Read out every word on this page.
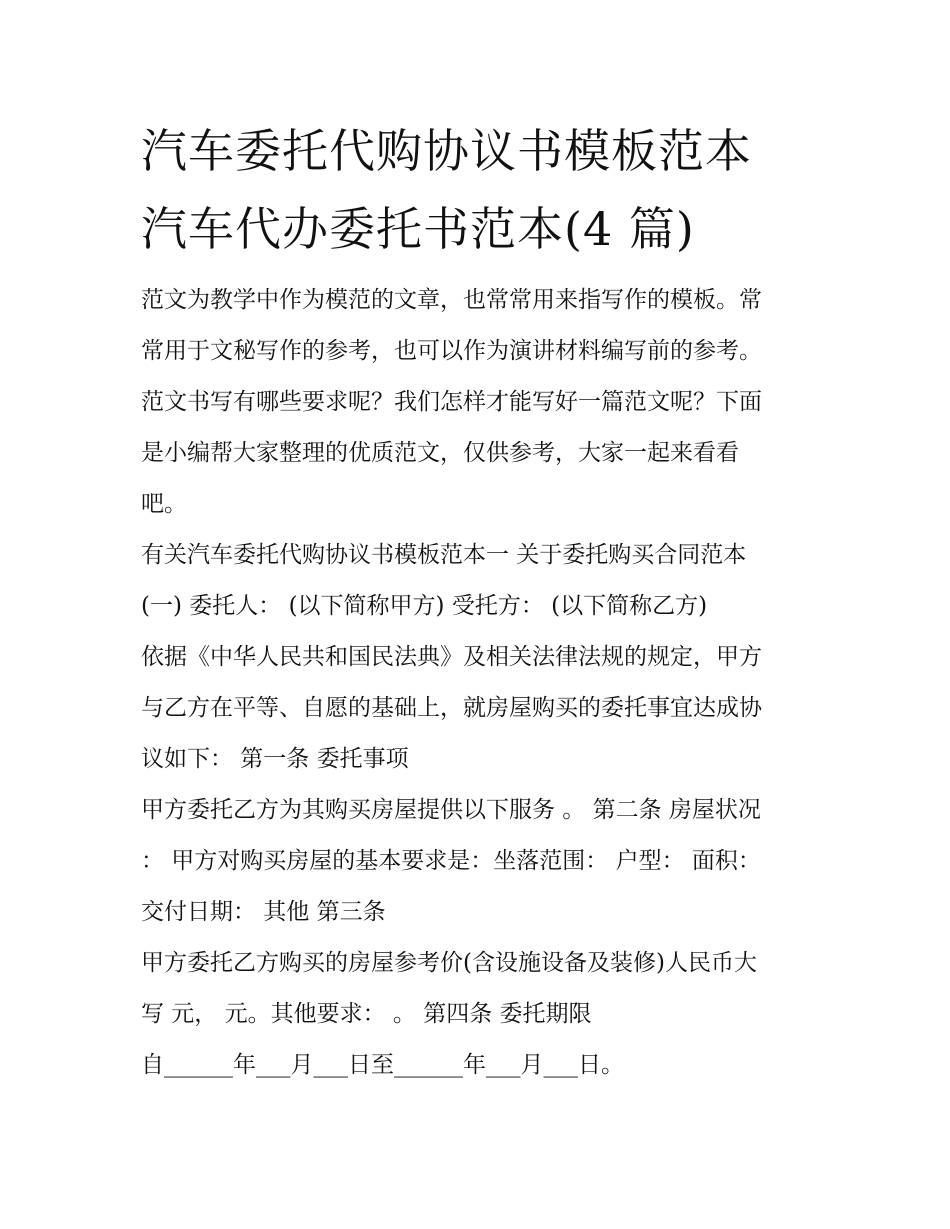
汽车委托代购协议书模板范本
汽车代办委托书范本(4 篇)

范文为教学中作为模范的文章，也常常用来指写作的模板。常

常用于文秘写作的参考，也可以作为演讲材料编写前的参考。

范文书写有哪些要求呢？我们怎样才能写好一篇范文呢？下面

是小编帮大家整理的优质范文，仅供参考，大家一起来看看

吧。

有关汽车委托代购协议书模板范本一 关于委托购买合同范本

(一) 委托人： (以下简称甲方) 受托方： (以下简称乙方)

依据《中华人民共和国民法典》及相关法律法规的规定，甲方

与乙方在平等、自愿的基础上，就房屋购买的委托事宜达成协

议如下： 第一条 委托事项

甲方委托乙方为其购买房屋提供以下服务 。 第二条 房屋状况

： 甲方对购买房屋的基本要求是：坐落范围： 户型： 面积：

交付日期： 其他 第三条

甲方委托乙方购买的房屋参考价(含设施设备及装修)人民币大

写 元， 元。其他要求： 。 第四条 委托期限

自______年___月___日至______年___月___日。
